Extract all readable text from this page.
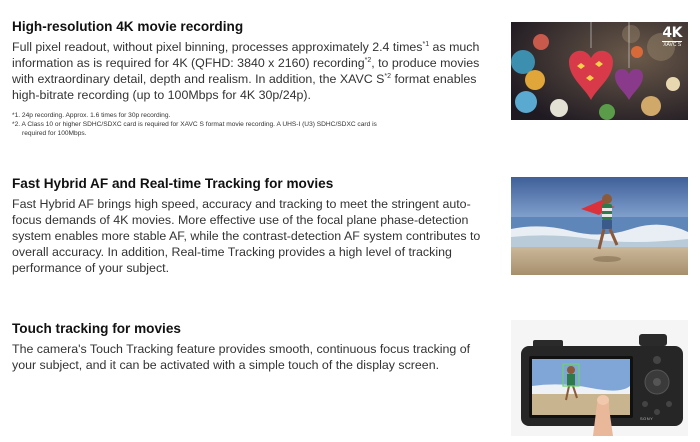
High-resolution 4K movie recording

Full pixel readout, without pixel binning, processes approximately 2.4 times$^{*1}$ as much information as is required for 4K (QFHD: 3840 x 2160) recording$^{*2}$, to produce movies with extraordinary detail, depth and realism. In addition, the XAVC $S^{*2}$ format enables high-bitrate recording (up to 100Mbps for 4K 30p/24p).

*1. 24p recording. Approx. 1.6 times for 30p recording.
*2. A Class 10 or higher SDHC/SDXC card is required for XAVC S format movie recording. A UHS-I (U3) SDHC/SDXC card is
required for 100Mbps.
4K
XAVC S
Fast Hybrid AF and Real-time Tracking for movies

Fast Hybrid AF brings high speed, accuracy and tracking to meet the stringent auto-focus demands of 4K movies. More effective use of the focal plane phase-detection system enables more stable AF, while the contrast-detection AF system contributes to overall accuracy. In addition, Real-time Tracking provides a high level of tracking performance of your subject.

Touch tracking for movies

The camera's Touch Tracking feature provides smooth, continuous focus tracking of your subject, and it can be activated with a simple touch of the display screen.

SONY
